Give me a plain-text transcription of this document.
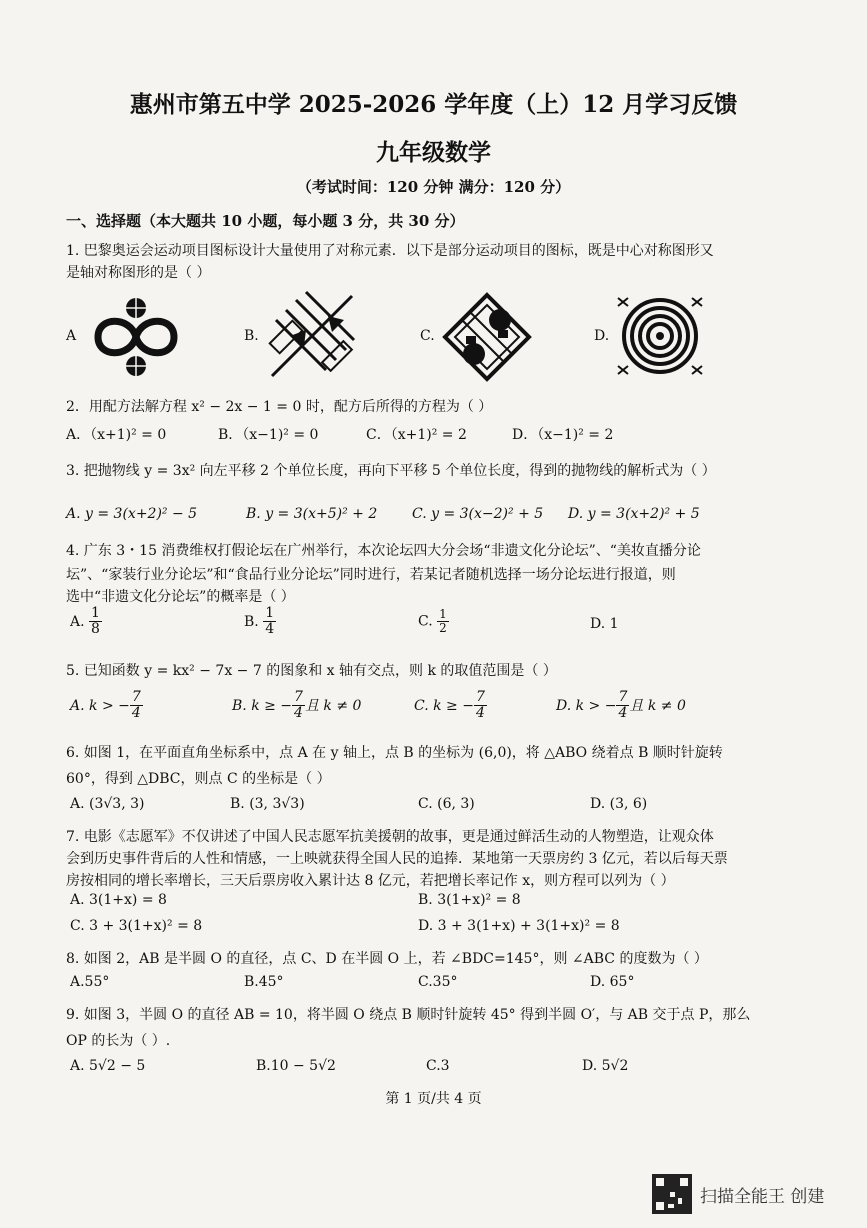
惠州市第五中学 2025-2026 学年度（上）12 月学习反馈
九年级数学
（考试时间：120 分钟 满分：120 分）
一、选择题（本大题共 10 小题，每小题 3 分，共 30 分）
1. 巴黎奥运会运动项目图标设计大量使用了对称元素．以下是部分运动项目的图标，既是中心对称图形又
是轴对称图形的是（ ）
A	B.	C.	D.
2．用配方法解方程 x² − 2x − 1 = 0 时，配方后所得的方程为（ ）
A．（x+1)² = 0	B．（x−1)² = 0	C．（x+1)² = 2	D．（x−1)² = 2
3. 把抛物线 y = 3x² 向左平移 2 个单位长度，再向下平移 5 个单位长度，得到的抛物线的解析式为（ ）
A. y = 3(x+2)² − 5	B. y = 3(x+5)² + 2 C. y = 3(x−2)² + 5 D. y = 3(x+2)² + 5
4. 广东 3・15 消费维权打假论坛在广州举行，本次论坛四大分会场“非遗文化分论坛”、“美妆直播分论
坛”、“家装行业分论坛”和“食品行业分论坛”同时进行，若某记者随机选择一场分论坛进行报道，则
选中“非遗文化分论坛”的概率是（ ）
A. $\frac{1}{8}$	B. $\frac{1}{4}$	C. $\frac{1}{2}$	D. 1
5. 已知函数 y = kx² − 7x − 7 的图象和 x 轴有交点，则 k 的取值范围是（ ）
A. k > − $\frac{7}{4}$	B. k ≥ − $\frac{7}{4}$ 且 k ≠ 0	C. k ≥ − $\frac{7}{4}$	D. k > − $\frac{7}{4}$ 且 k ≠ 0
6. 如图 1，在平面直角坐标系中，点 A 在 y 轴上，点 B 的坐标为 (6,0)，将 △ABO 绕着点 B 顺时针旋转
60°，得到 △DBC，则点 C 的坐标是（ ）
A. (3√3, 3)	B. (3, 3√3)	C. (6, 3)	D. (3, 6)
7. 电影《志愿军》不仅讲述了中国人民志愿军抗美援朝的故事，更是通过鲜活生动的人物塑造，让观众体
会到历史事件背后的人性和情感，一上映就获得全国人民的追捧．某地第一天票房约 3 亿元，若以后每天票
房按相同的增长率增长，三天后票房收入累计达 8 亿元，若把增长率记作 x，则方程可以列为（ ）
A. 3(1+x) = 8	B. 3(1+x)² = 8
C. 3 + 3(1+x)² = 8	D. 3 + 3(1+x) + 3(1+x)² = 8
8. 如图 2，AB 是半圆 O 的直径，点 C、D 在半圆 O 上，若 ∠BDC=145°，则 ∠ABC 的度数为（ ）
A.55°	B.45°	C.35°	D. 65°
9. 如图 3，半圆 O 的直径 AB = 10，将半圆 O 绕点 B 顺时针旋转 45° 得到半圆 O′，与 AB 交于点 P，那么
OP 的长为（ ）.
A. 5√2 − 5	B.10 − 5√2	C.3	D. 5√2
第 1 页/共 4 页
扫描全能王 创建
